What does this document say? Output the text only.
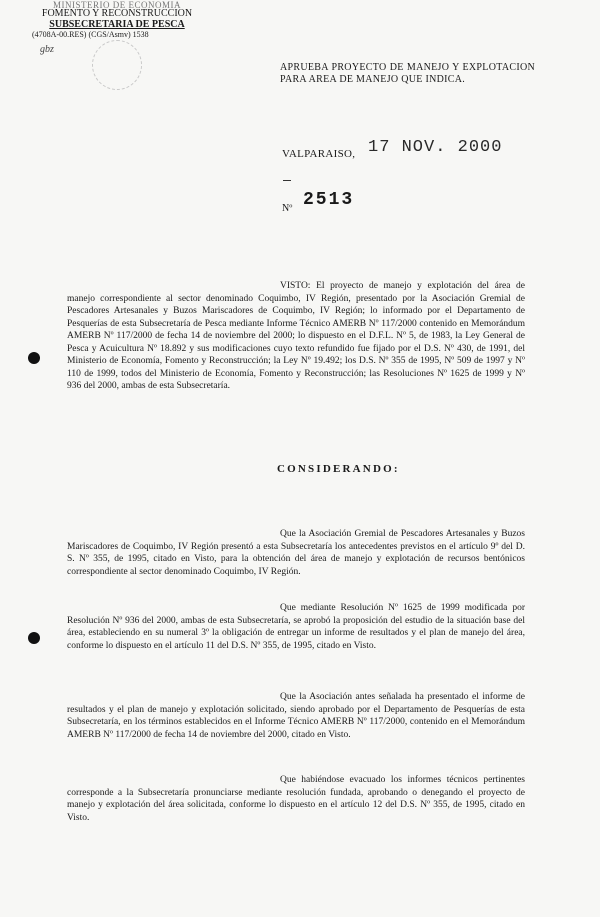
MINISTERIO DE ECONOMIA
FOMENTO Y RECONSTRUCCION
SUBSECRETARIA DE PESCA
(4708A-00.RES) (CGS/Asmv) 1538
gbz
APRUEBA PROYECTO DE MANEJO Y EXPLOTACION PARA AREA DE MANEJO QUE INDICA.
VALPARAISO, 17 NOV. 2000
Nº 2513
VISTO: El proyecto de manejo y explotación del área de manejo correspondiente al sector denominado Coquimbo, IV Región, presentado por la Asociación Gremial de Pescadores Artesanales y Buzos Mariscadores de Coquimbo, IV Región; lo informado por el Departamento de Pesquerías de esta Subsecretaría de Pesca mediante Informe Técnico AMERB Nº 117/2000 contenido en Memorándum AMERB Nº 117/2000 de fecha 14 de noviembre del 2000; lo dispuesto en el D.F.L. Nº 5, de 1983, la Ley General de Pesca y Acuicultura Nº 18.892 y sus modificaciones cuyo texto refundido fue fijado por el D.S. Nº 430, de 1991, del Ministerio de Economía, Fomento y Reconstrucción; la Ley Nº 19.492; los D.S. Nº 355 de 1995, Nº 509 de 1997 y Nº 110 de 1999, todos del Ministerio de Economía, Fomento y Reconstrucción; las Resoluciones Nº 1625 de 1999 y Nº 936 del 2000, ambas de esta Subsecretaría.
CONSIDERANDO:
Que la Asociación Gremial de Pescadores Artesanales y Buzos Mariscadores de Coquimbo, IV Región presentó a esta Subsecretaría los antecedentes previstos en el artículo 9º del D. S. Nº 355, de 1995, citado en Visto, para la obtención del área de manejo y explotación de recursos bentónicos correspondiente al sector denominado Coquimbo, IV Región.
Que mediante Resolución Nº 1625 de 1999 modificada por Resolución Nº 936 del 2000, ambas de esta Subsecretaría, se aprobó la proposición del estudio de la situación base del área, estableciendo en su numeral 3º la obligación de entregar un informe de resultados y el plan de manejo del área, conforme lo dispuesto en el artículo 11 del D.S. Nº 355, de 1995, citado en Visto.
Que la Asociación antes señalada ha presentado el informe de resultados y el plan de manejo y explotación solicitado, siendo aprobado por el Departamento de Pesquerías de esta Subsecretaría, en los términos establecidos en el Informe Técnico AMERB Nº 117/2000, contenido en el Memorándum AMERB Nº 117/2000 de fecha 14 de noviembre del 2000, citado en Visto.
Que habiéndose evacuado los informes técnicos pertinentes corresponde a la Subsecretaría pronunciarse mediante resolución fundada, aprobando o denegando el proyecto de manejo y explotación del área solicitada, conforme lo dispuesto en el artículo 12 del D.S. Nº 355, de 1995, citado en Visto.
